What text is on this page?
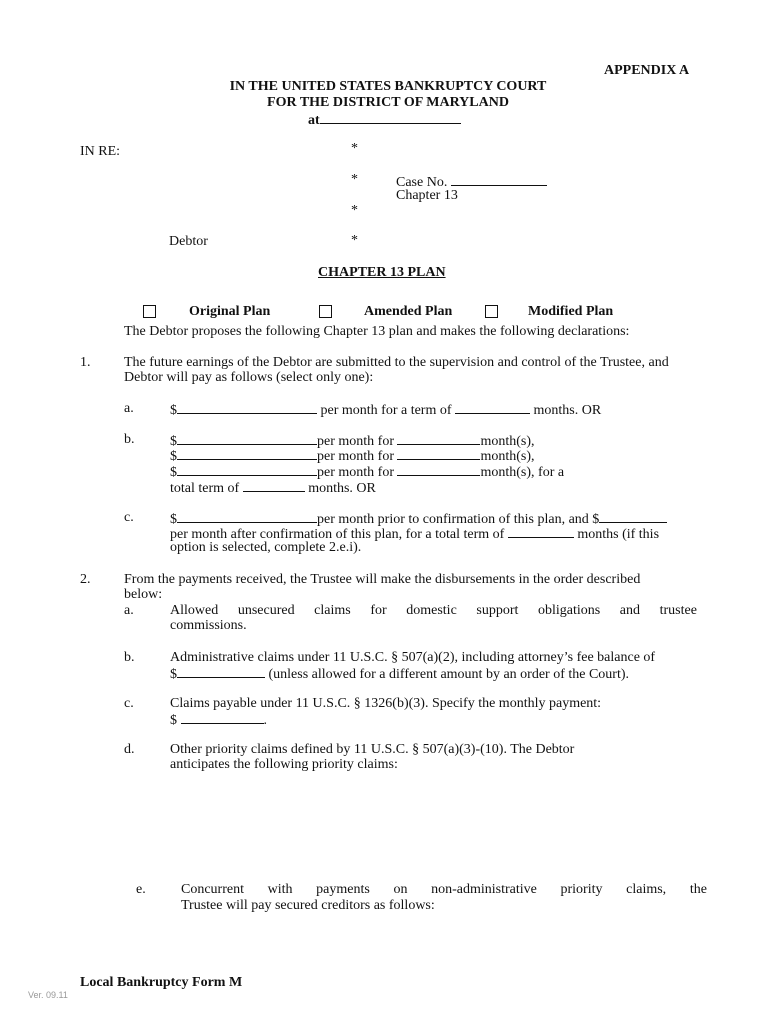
APPENDIX A
IN THE UNITED STATES BANKRUPTCY COURT
FOR THE DISTRICT OF MARYLAND
at
IN RE:	*
*	Case No.
Chapter 13
*
Debtor	*
CHAPTER 13 PLAN
Original Plan	Amended Plan	Modified Plan
The Debtor proposes the following Chapter 13 plan and makes the following declarations:
1. The future earnings of the Debtor are submitted to the supervision and control of the Trustee, and
Debtor will pay as follows (select only one):
a.	$	per month for a term of	months. OR
b.	$	per month for	month(s),
$	per month for	month(s),
$	per month for	month(s), for a
total term of	months. OR
c.	$	per month prior to confirmation of this plan, and $
per month after confirmation of this plan, for a total term of	months (if this
option is selected, complete 2.e.i).
2. From the payments received, the Trustee will make the disbursements in the order described
below:
a.	Allowed unsecured claims for domestic support obligations and trustee
commissions.
b.	Administrative claims under 11 U.S.C. § 507(a)(2), including attorney’s fee balance of
$	(unless allowed for a different amount by an order of the Court).
c.	Claims payable under 11 U.S.C. § 1326(b)(3). Specify the monthly payment:
$	.
d.	Other priority claims defined by 11 U.S.C. § 507(a)(3)-(10). The Debtor
anticipates the following priority claims:
e.	Concurrent with payments on non-administrative priority claims, the
Trustee will pay secured creditors as follows:
Ver. 09.11
Local Bankruptcy Form M
